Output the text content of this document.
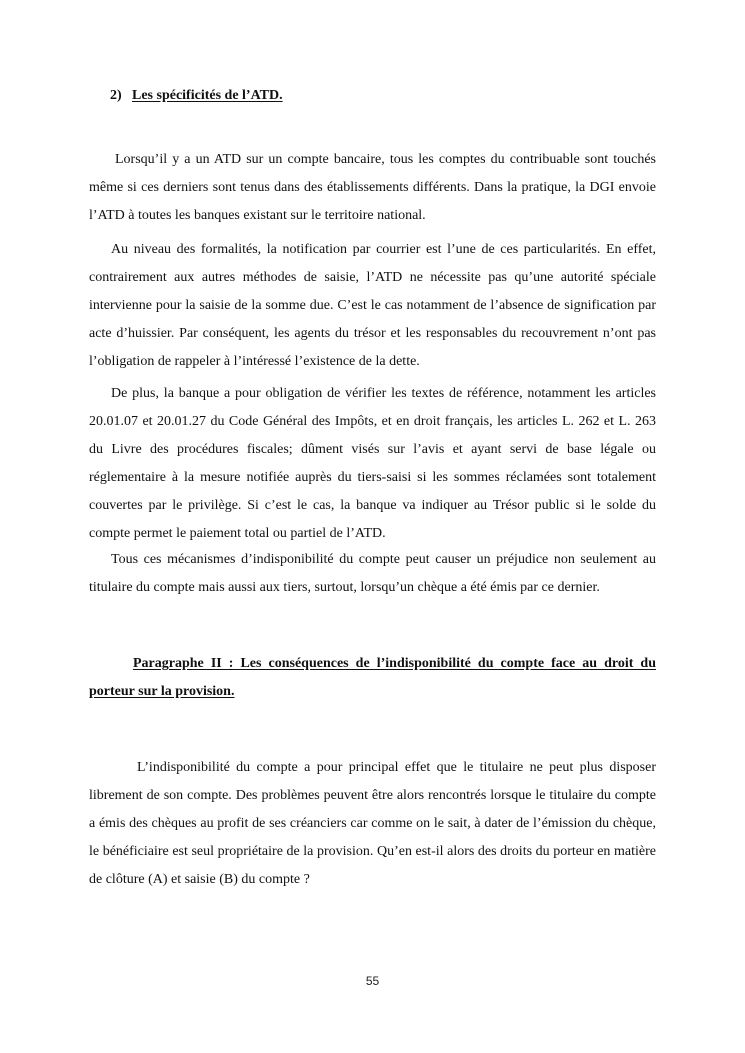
2) Les spécificités de l’ATD.

Lorsqu’il y a un ATD sur un compte bancaire, tous les comptes du contribuable sont touchés même si ces derniers sont tenus dans des établissements différents. Dans la pratique, la DGI envoie l’ATD à toutes les banques existant sur le territoire national.

Au niveau des formalités, la notification par courrier est l’une de ces particularités. En effet, contrairement aux autres méthodes de saisie, l’ATD ne nécessite pas qu’une autorité spéciale intervienne pour la saisie de la somme due. C’est le cas notamment de l’absence de signification par acte d’huissier. Par conséquent, les agents du trésor et les responsables du recouvrement n’ont pas l’obligation de rappeler à l’intéressé l’existence de la dette.

De plus, la banque a pour obligation de vérifier les textes de référence, notamment les articles 20.01.07 et 20.01.27 du Code Général des Impôts, et en droit français, les articles L. 262 et L. 263 du Livre des procédures fiscales; dûment visés sur l’avis et ayant servi de base légale ou réglementaire à la mesure notifiée auprès du tiers-saisi si les sommes réclamées sont totalement couvertes par le privilège. Si c’est le cas, la banque va indiquer au Trésor public si le solde du compte permet le paiement total ou partiel de l’ATD.

Tous ces mécanismes d’indisponibilité du compte peut causer un préjudice non seulement au titulaire du compte mais aussi aux tiers, surtout, lorsqu’un chèque a été émis par ce dernier.

Paragraphe II : Les conséquences de l’indisponibilité du compte face au droit du porteur sur la provision.

L’indisponibilité du compte a pour principal effet que le titulaire ne peut plus disposer librement de son compte. Des problèmes peuvent être alors rencontrés lorsque le titulaire du compte a émis des chèques au profit de ses créanciers car comme on le sait, à dater de l’émission du chèque, le bénéficiaire est seul propriétaire de la provision. Qu’en est-il alors des droits du porteur en matière de clôture (A) et saisie (B) du compte ?

55
